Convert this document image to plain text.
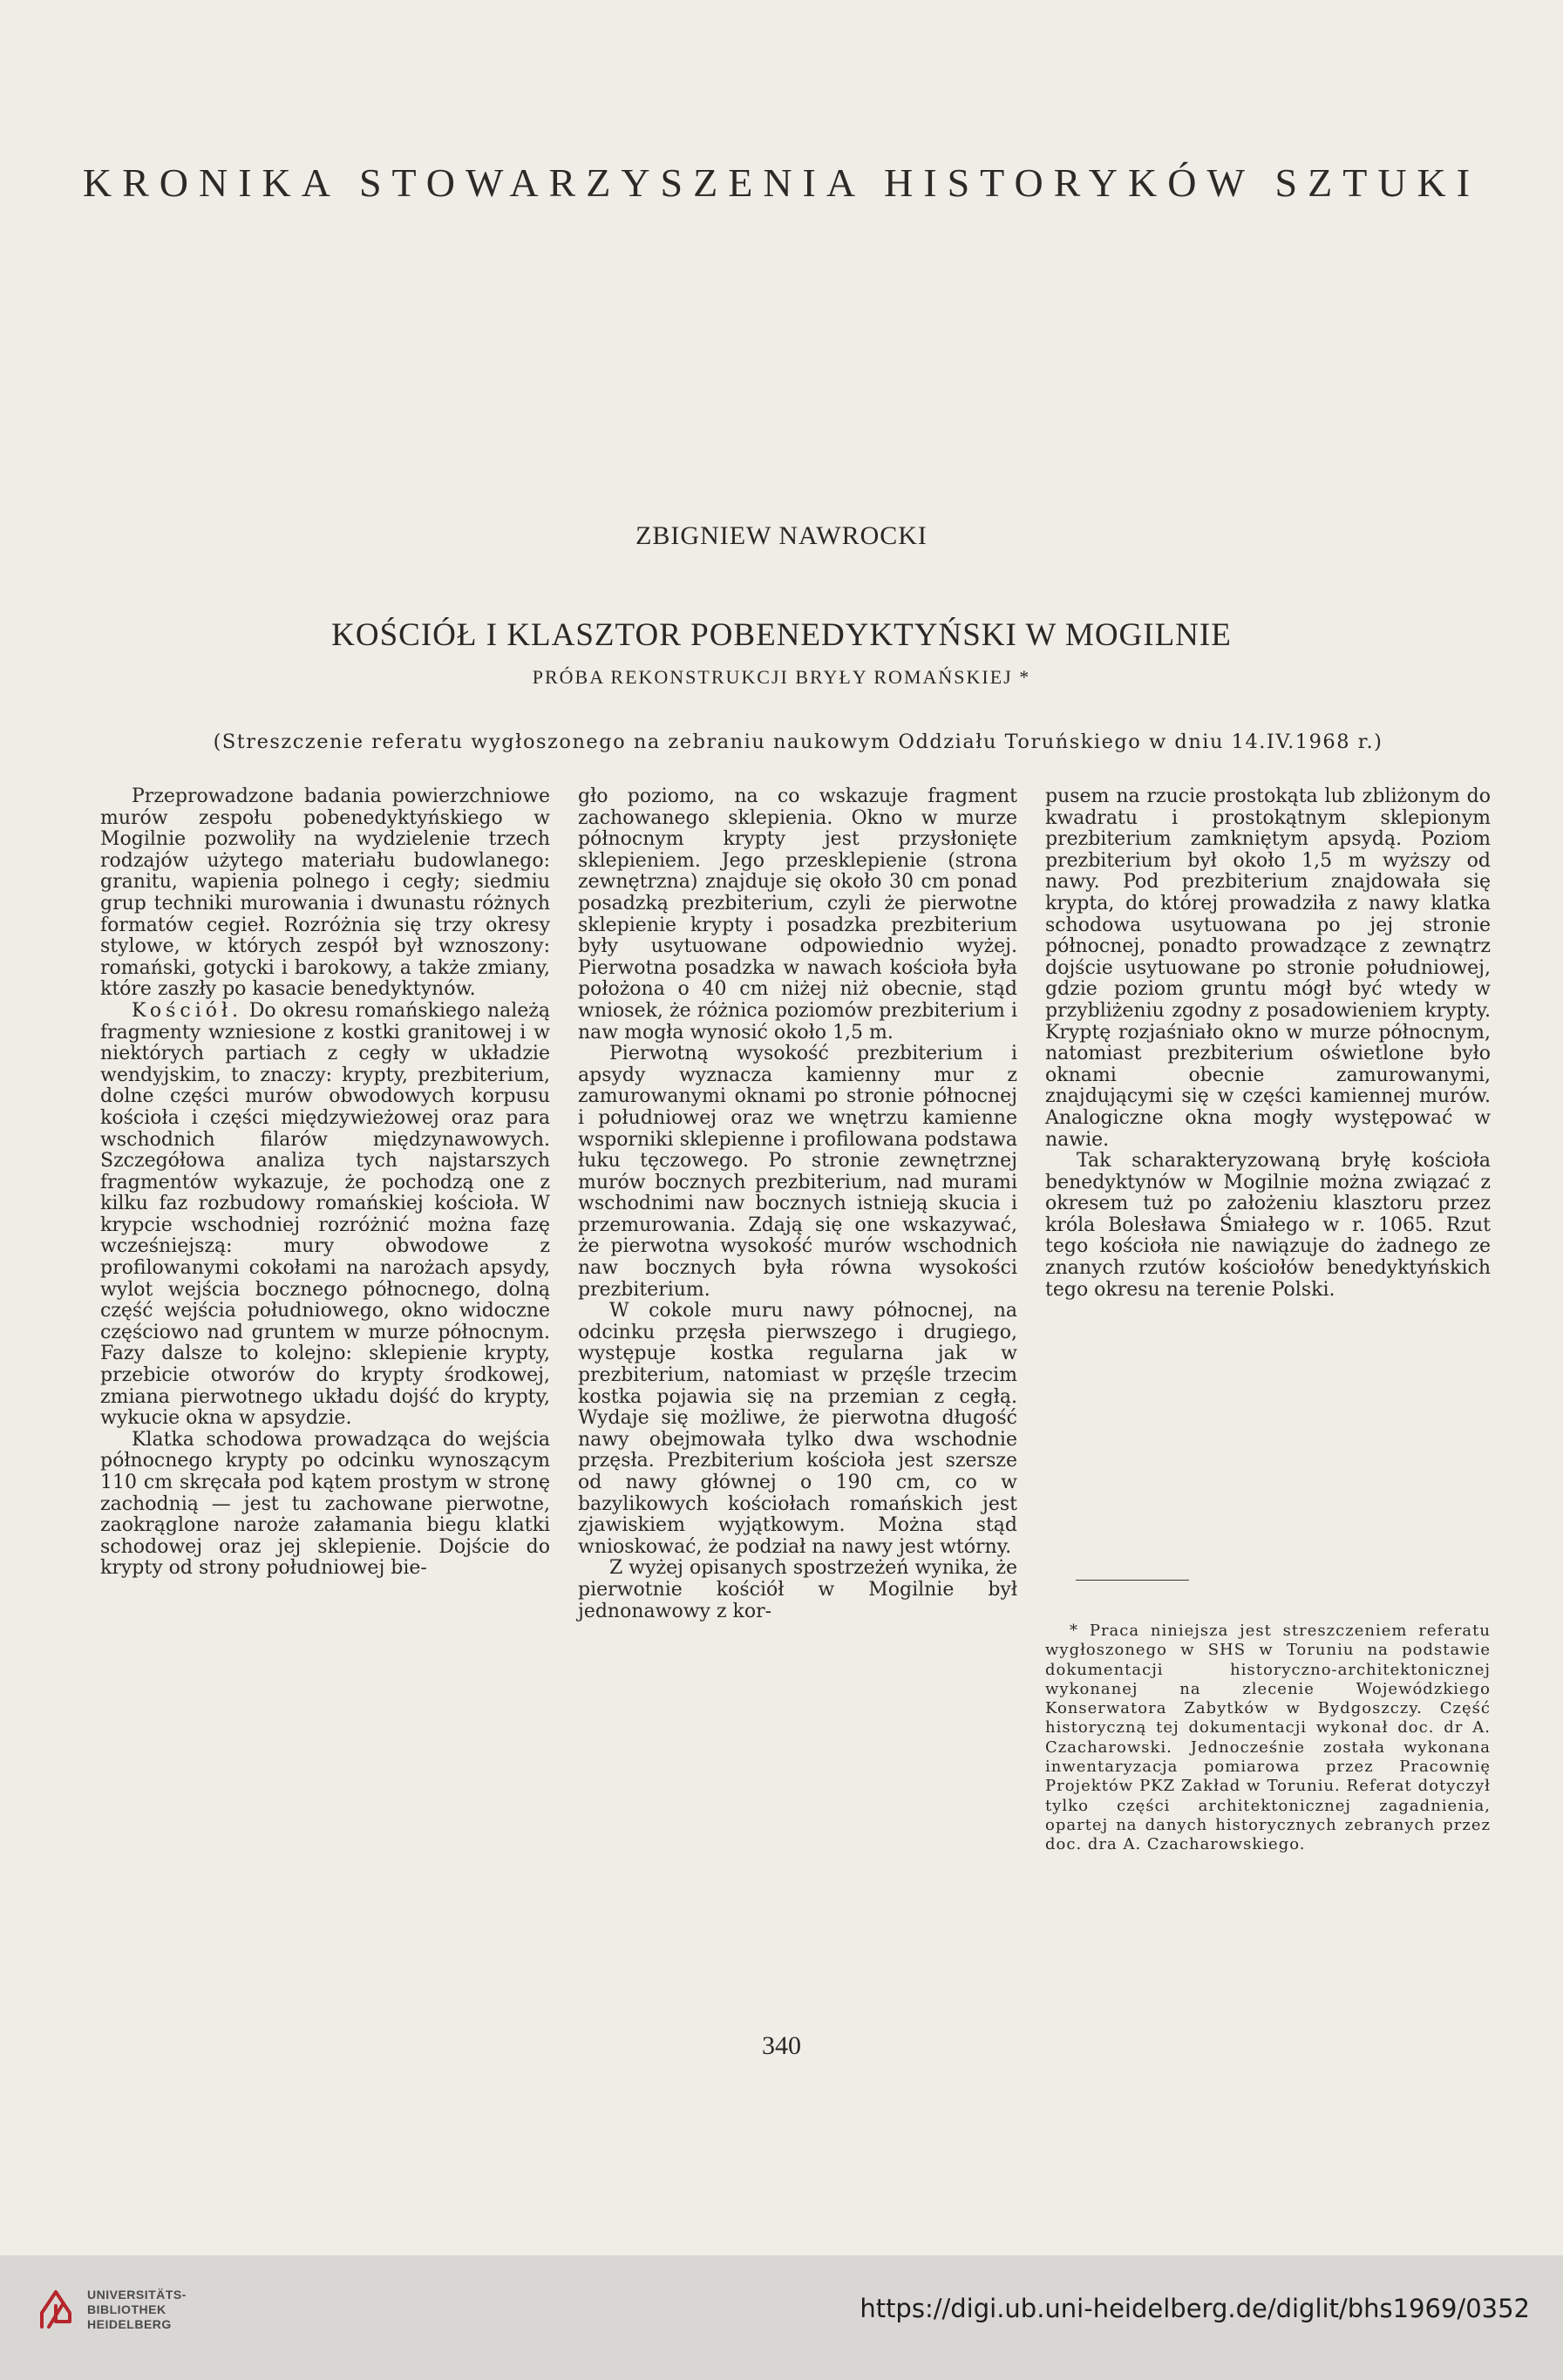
KRONIKA STOWARZYSZENIA HISTORYKÓW SZTUKI
ZBIGNIEW NAWROCKI
KOŚCIÓŁ I KLASZTOR POBENEDYKTYŃSKI W MOGILNIE
PRÓBA REKONSTRUKCJI BRYŁY ROMAŃSKIEJ *
(Streszczenie referatu wygłoszonego na zebraniu naukowym Oddziału Toruńskiego w dniu 14.IV.1968 r.)

Przeprowadzone badania powierzchniowe murów zespołu pobenedyktyńskiego w Mogilnie pozwoliły na wydzielenie trzech rodzajów użytego materiału budowlanego: granitu, wapienia polnego i cegły; siedmiu grup techniki murowania i dwunastu różnych formatów cegieł. Rozróżnia się trzy okresy stylowe, w których zespół był wznoszony: romański, gotycki i barokowy, a także zmiany, które zaszły po kasacie benedyktynów.

Kościół. Do okresu romańskiego należą fragmenty wzniesione z kostki granitowej i w niektórych partiach z cegły w układzie wendyjskim, to znaczy: krypty, prezbiterium, dolne części murów obwodowych korpusu kościoła i części międzywieżowej oraz para wschodnich filarów międzynawowych. Szczegółowa analiza tych najstarszych fragmentów wykazuje, że pochodzą one z kilku faz rozbudowy romańskiej kościoła. W krypcie wschodniej rozróżnić można fazę wcześniejszą: mury obwodowe z profilowanymi cokołami na narożach apsydy, wylot wejścia bocznego północnego, dolną część wejścia południowego, okno widoczne częściowo nad gruntem w murze północnym. Fazy dalsze to kolejno: sklepienie krypty, przebicie otworów do krypty środkowej, zmiana pierwotnego układu dojść do krypty, wykucie okna w apsydzie.

Klatka schodowa prowadząca do wejścia północnego krypty po odcinku wynoszącym 110 cm skręcała pod kątem prostym w stronę zachodnią — jest tu zachowane pierwotne, zaokrąglone naroże załamania biegu klatki schodowej oraz jej sklepienie. Dojście do krypty od strony południowej bie-

gło poziomo, na co wskazuje fragment zachowanego sklepienia. Okno w murze północnym krypty jest przysłonięte sklepieniem. Jego przesklepienie (strona zewnętrzna) znajduje się około 30 cm ponad posadzką prezbiterium, czyli że pierwotne sklepienie krypty i posadzka prezbiterium były usytuowane odpowiednio wyżej. Pierwotna posadzka w nawach kościoła była położona o 40 cm niżej niż obecnie, stąd wniosek, że różnica poziomów prezbiterium i naw mogła wynosić około 1,5 m.

Pierwotną wysokość prezbiterium i apsydy wyznacza kamienny mur z zamurowanymi oknami po stronie północnej i południowej oraz we wnętrzu kamienne wsporniki sklepienne i profilowana podstawa łuku tęczowego. Po stronie zewnętrznej murów bocznych prezbiterium, nad murami wschodnimi naw bocznych istnieją skucia i przemurowania. Zdają się one wskazywać, że pierwotna wysokość murów wschodnich naw bocznych była równa wysokości prezbiterium.

W cokole muru nawy północnej, na odcinku przęsła pierwszego i drugiego, występuje kostka regularna jak w prezbiterium, natomiast w przęśle trzecim kostka pojawia się na przemian z cegłą. Wydaje się możliwe, że pierwotna długość nawy obejmowała tylko dwa wschodnie przęsła. Prezbiterium kościoła jest szersze od nawy głównej o 190 cm, co w bazylikowych kościołach romańskich jest zjawiskiem wyjątkowym. Można stąd wnioskować, że podział na nawy jest wtórny.

Z wyżej opisanych spostrzeżeń wynika, że pierwotnie kościół w Mogilnie był jednonawowy z kor-

pusem na rzucie prostokąta lub zbliżonym do kwadratu i prostokątnym sklepionym prezbiterium zamkniętym apsydą. Poziom prezbiterium był około 1,5 m wyższy od nawy. Pod prezbiterium znajdowała się krypta, do której prowadziła z nawy klatka schodowa usytuowana po jej stronie północnej, ponadto prowadzące z zewnątrz dojście usytuowane po stronie południowej, gdzie poziom gruntu mógł być wtedy w przybliżeniu zgodny z posadowieniem krypty. Kryptę rozjaśniało okno w murze północnym, natomiast prezbiterium oświetlone było oknami obecnie zamurowanymi, znajdującymi się w części kamiennej murów. Analogiczne okna mogły występować w nawie.

Tak scharakteryzowaną bryłę kościoła benedyktynów w Mogilnie można związać z okresem tuż po założeniu klasztoru przez króla Bolesława Śmiałego w r. 1065. Rzut tego kościoła nie nawiązuje do żadnego ze znanych rzutów kościołów benedyktyńskich tego okresu na terenie Polski.

* Praca niniejsza jest streszczeniem referatu wygłoszonego w SHS w Toruniu na podstawie dokumentacji historyczno-architektonicznej wykonanej na zlecenie Wojewódzkiego Konserwatora Zabytków w Bydgoszczy. Część historyczną tej dokumentacji wykonał doc. dr A. Czacharowski. Jednocześnie została wykonana inwentaryzacja pomiarowa przez Pracownię Projektów PKZ Zakład w Toruniu. Referat dotyczył tylko części architektonicznej zagadnienia, opartej na danych historycznych zebranych przez doc. dra A. Czacharowskiego.

340
UNIVERSITÄTS-
BIBLIOTHEK
HEIDELBERG
https://digi.ub.uni-heidelberg.de/diglit/bhs1969/0352
